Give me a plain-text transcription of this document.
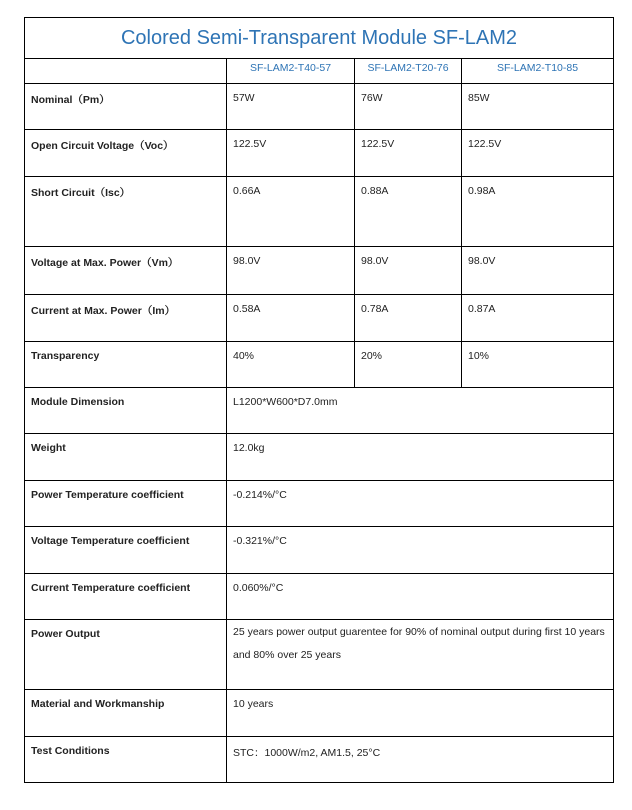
Colored Semi-Transparent Module SF-LAM2			
	SF-LAM2-T40-57	SF-LAM2-T20-76	SF-LAM2-T10-85
Nominal（Pm）	57W	76W	85W
Open Circuit Voltage（Voc）	122.5V	122.5V	122.5V
Short Circuit（Isc）	0.66A	0.88A	0.98A
Voltage at Max. Power（Vm）	98.0V	98.0V	98.0V
Current at Max. Power（Im）	0.58A	0.78A	0.87A
Transparency	40%	20%	10%
Module Dimension	L1200*W600*D7.0mm		
Weight	12.0kg		
Power Temperature coefficient	-0.214%/°C		
Voltage Temperature coefficient	-0.321%/°C		
Current Temperature coefficient	0.060%/°C		
Power Output	25 years power output guarentee for 90% of nominal output during first 10 years and 80% over 25 years		
Material and Workmanship	10 years		
Test Conditions	STC：1000W/m2, AM1.5, 25°C		
